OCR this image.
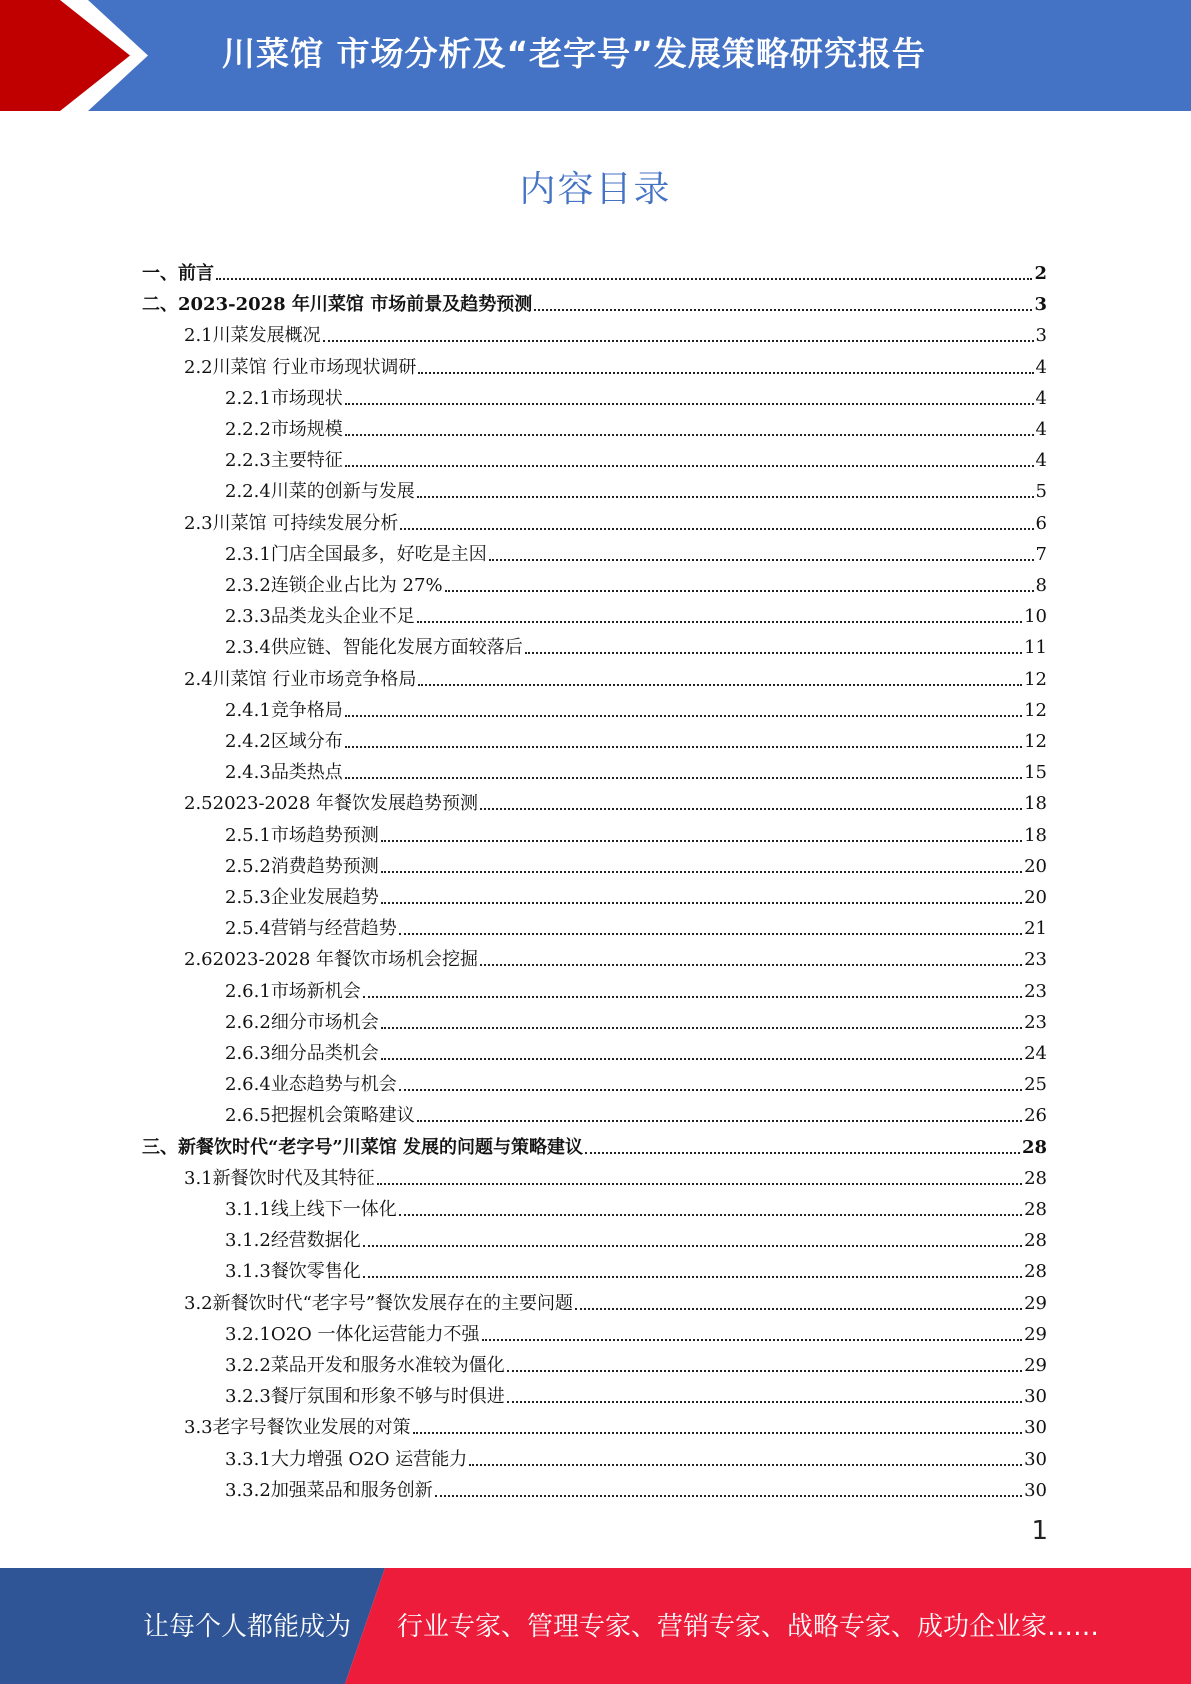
川菜馆 市场分析及“老字号”发展策略研究报告
内容目录
一、 前言	2
二、 2023-2028 年川菜馆 市场前景及趋势预测	3
2.1 川菜发展概况	3
2.2 川菜馆 行业市场现状调研	4
2.2.1 市场现状	4
2.2.2 市场规模	4
2.2.3 主要特征	4
2.2.4 川菜的创新与发展	5
2.3 川菜馆 可持续发展分析	6
2.3.1 门店全国最多，好吃是主因	7
2.3.2 连锁企业占比为 27%	8
2.3.3 品类龙头企业不足	10
2.3.4 供应链、智能化发展方面较落后	11
2.4 川菜馆 行业市场竞争格局	12
2.4.1 竞争格局	12
2.4.2 区域分布	12
2.4.3 品类热点	15
2.5 2023-2028 年餐饮发展趋势预测	18
2.5.1 市场趋势预测	18
2.5.2 消费趋势预测	20
2.5.3 企业发展趋势	20
2.5.4 营销与经营趋势	21
2.6 2023-2028 年餐饮市场机会挖掘	23
2.6.1 市场新机会	23
2.6.2 细分市场机会	23
2.6.3 细分品类机会	24
2.6.4 业态趋势与机会	25
2.6.5 把握机会策略建议	26
三、 新餐饮时代“老字号”川菜馆 发展的问题与策略建议	28
3.1 新餐饮时代及其特征	28
3.1.1 线上线下一体化	28
3.1.2 经营数据化	28
3.1.3 餐饮零售化	28
3.2 新餐饮时代“老字号”餐饮发展存在的主要问题	29
3.2.1 O2O 一体化运营能力不强	29
3.2.2 菜品开发和服务水准较为僵化	29
3.2.3 餐厅氛围和形象不够与时俱进	30
3.3 老字号餐饮业发展的对策	30
3.3.1 大力增强 O2O 运营能力	30
3.3.2 加强菜品和服务创新	30
1
让每个人都能成为 行业专家、管理专家、营销专家、战略专家、成功企业家……
